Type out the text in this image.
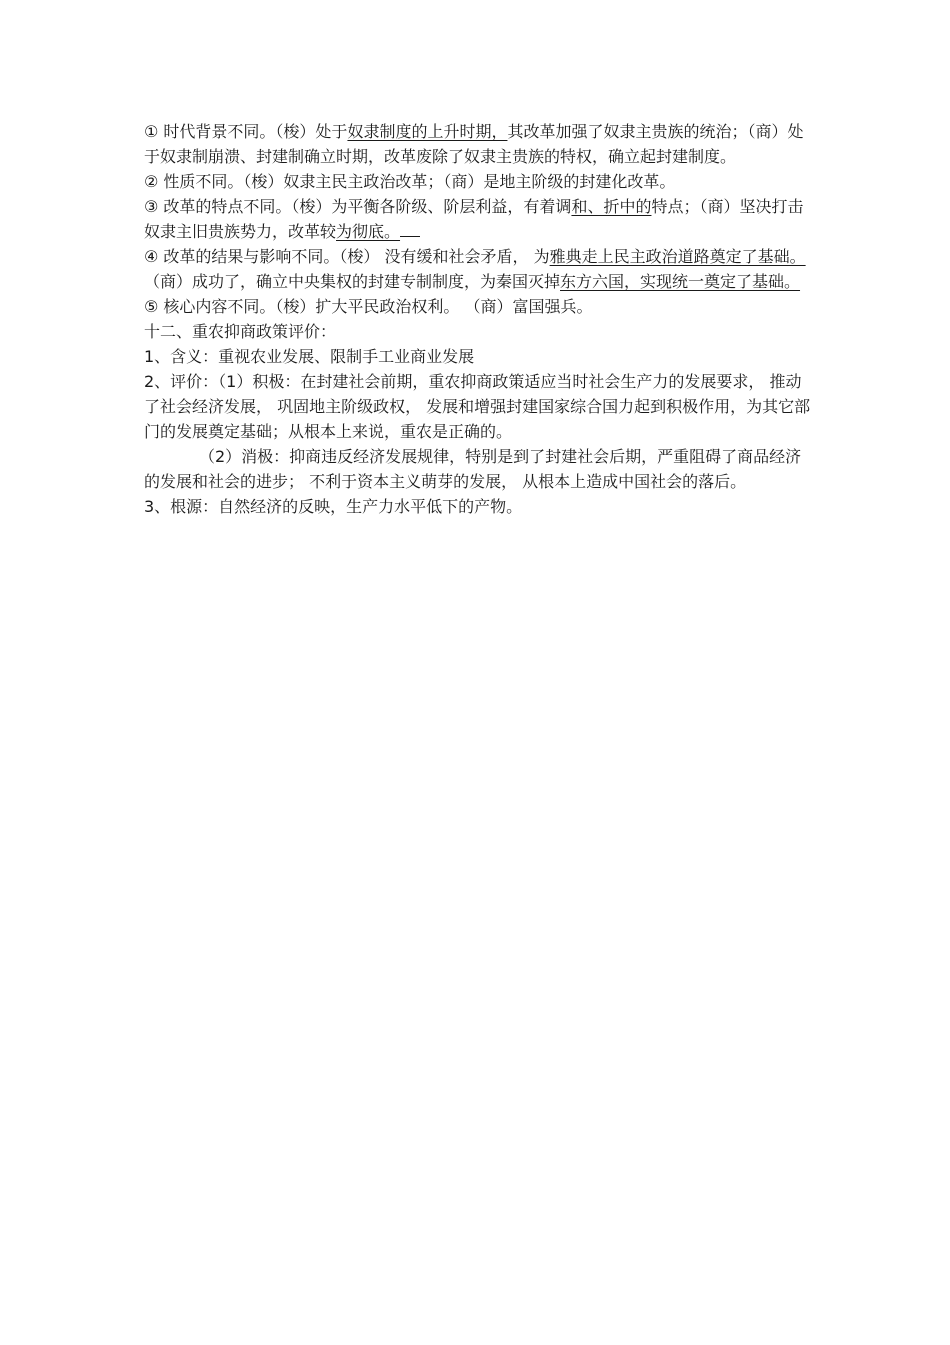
① 时代背景不同。（梭）处于奴隶制度的上升时期，其改革加强了奴隶主贵族的统治；（商）处于奴隶制崩溃、封建制确立时期，改革废除了奴隶主贵族的特权，确立起封建制度。

② 性质不同。（梭）奴隶主民主政治改革；（商）是地主阶级的封建化改革。

③ 改革的特点不同。（梭）为平衡各阶级、阶层利益，有着调和、折中的特点；（商）坚决打击奴隶主旧贵族势力，改革较为彻底。

④ 改革的结果与影响不同。（梭） 没有缓和社会矛盾， 为雅典走上民主政治道路奠定了基础。（商）成功了，确立中央集权的封建专制制度，为秦国灭掉东方六国，实现统一奠定了基础。

⑤ 核心内容不同。（梭）扩大平民政治权利。 （商）富国强兵。

十二、重农抑商政策评价：

1、含义：重视农业发展、限制手工业商业发展

2、评价：（1）积极：在封建社会前期，重农抑商政策适应当时社会生产力的发展要求， 推动了社会经济发展， 巩固地主阶级政权， 发展和增强封建国家综合国力起到积极作用，为其它部门的发展奠定基础；从根本上来说，重农是正确的。

（2）消极：抑商违反经济发展规律，特别是到了封建社会后期，严重阻碍了商品经济的发展和社会的进步； 不利于资本主义萌芽的发展， 从根本上造成中国社会的落后。

3、根源：自然经济的反映，生产力水平低下的产物。
